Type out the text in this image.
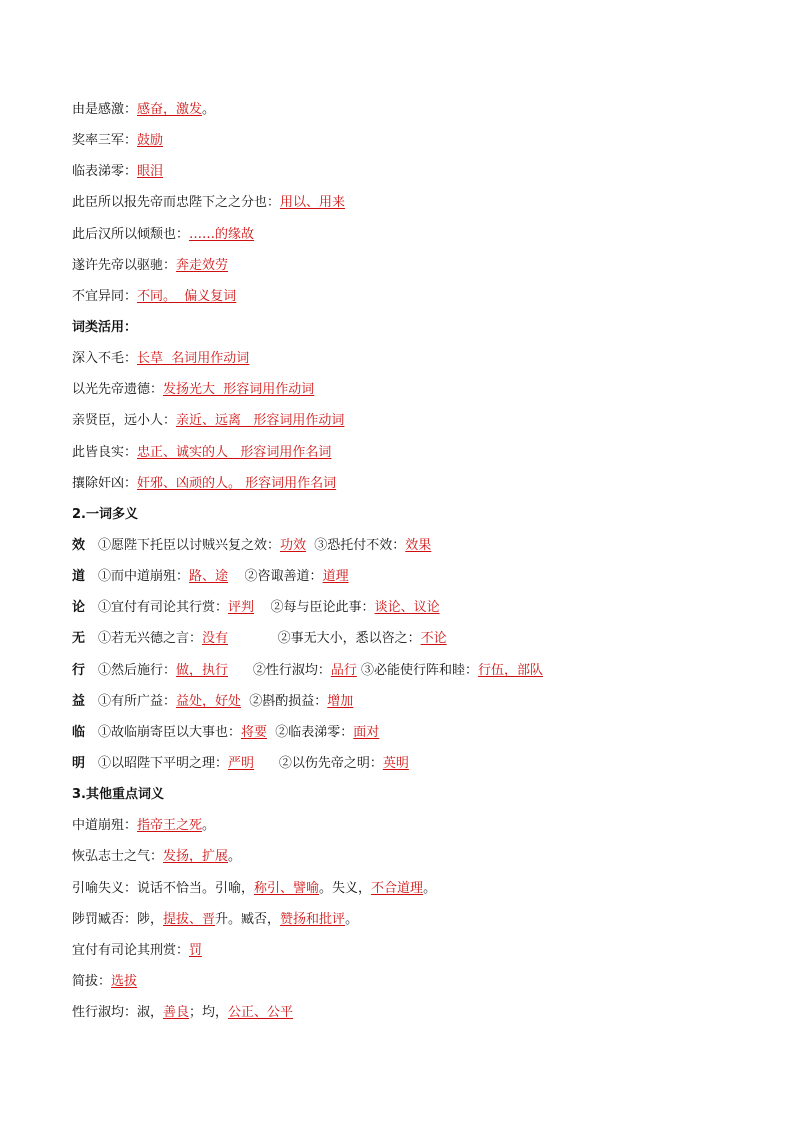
由是感激：感奋，激发。
奖率三军：鼓励
临表涕零：眼泪
此臣所以报先帝而忠陛下之之分也：用以、用来
此后汉所以倾颓也：……的缘故
遂许先帝以驱驰：奔走效劳
不宜异同：不同。  偏义复词
词类活用：
深入不毛：长草  名词用作动词
以光先帝遗德：发扬光大  形容词用作动词
亲贤臣，远小人：亲近、远离   形容词用作动词
此皆良实：忠正、诚实的人   形容词用作名词
攘除奸凶：奸邪、凶顽的人。 形容词用作名词
2.一词多义
效 ①愿陛下托臣以讨贼兴复之效：功效  ③恐托付不效：效果
道 ①而中道崩殂：路、途    ②咨诹善道：道理
论 ①宜付有司论其行赏：评判    ②每与臣论此事：谈论、议论
无 ①若无兴德之言：没有            ②事无大小，悉以咨之：不论
行 ①然后施行：做，执行      ②性行淑均：品行 ③必能使行阵和睦：行伍，部队
益 ①有所广益：益处，好处  ②斟酌损益：增加
临 ①故临崩寄臣以大事也：将要  ②临表涕零：面对
明 ①以昭陛下平明之理：严明      ②以伤先帝之明：英明
3.其他重点词义
中道崩殂：指帝王之死。
恢弘志士之气：发扬，扩展。
引喻失义：说话不恰当。引喻，称引、譬喻。失义，不合道理。
陟罚臧否：陟，提拔、晋升。臧否，赞扬和批评。
宜付有司论其刑赏：罚
简拔：选拔
性行淑均：淑，善良；均，公正、公平
